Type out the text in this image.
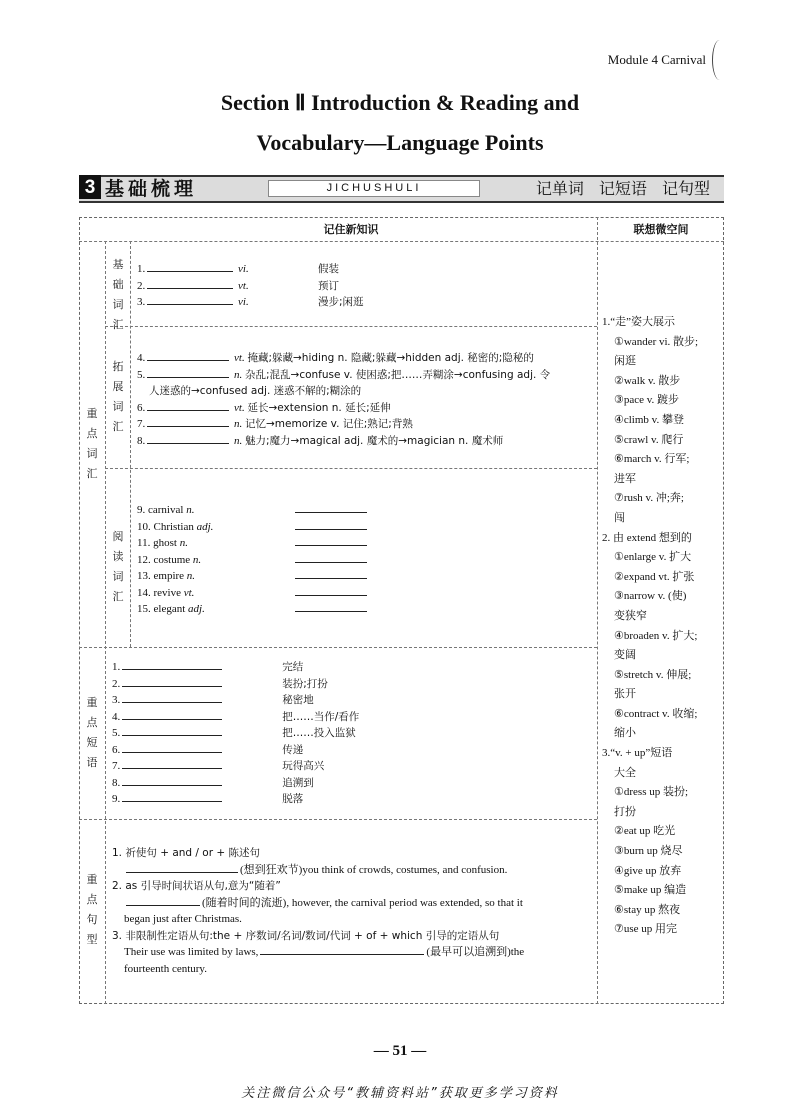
Module 4 Carnival
Section Ⅱ Introduction & Reading and
Vocabulary—Language Points
3 基础梳理	JICHUSHULI	记单词 记短语 记句型
记住新知识	联想微空间
重点词汇
基础词汇
拓展词汇
阅读词汇
重点短语
重点句型
1.	vi.	假装
2.	vt.	预订
3.	vi.	漫步;闲逛
4.	vt. 掩藏;躲藏→hiding n. 隐藏;躲藏→hidden adj. 秘密的;隐秘的
5.	n. 杂乱;混乱→confuse v. 使困惑;把……弄糊涂→confusing adj. 令
人迷惑的→confused adj. 迷惑不解的;糊涂的
6.	vt. 延长→extension n. 延长;延伸
7.	n. 记忆→memorize v. 记住;熟记;背熟
8.	n. 魅力;魔力→magical adj. 魔术的→magician n. 魔术师
9. carnival n.
10. Christian adj.
11. ghost n.
12. costume n.
13. empire n.
14. revive vt.
15. elegant adj.
1.	完结
2.	装扮;打扮
3.	秘密地
4.	把……当作/看作
5.	把……投入监狱
6.	传递
7.	玩得高兴
8.	追溯到
9.	脱落
1. 祈使句 + and / or + 陈述句
(想到狂欢节)you think of crowds, costumes, and confusion.
2. as 引导时间状语从句,意为“随着”
(随着时间的流逝), however, the carnival period was extended, so that it
began just after Christmas.
3. 非限制性定语从句:the + 序数词/名词/数词/代词 + of + which 引导的定语从句
Their use was limited by laws,	(最早可以追溯到)the
fourteenth century.
1.“走”姿大展示
①wander vi. 散步;
闲逛
②walk v. 散步
③pace v. 踱步
④climb v. 攀登
⑤crawl v. 爬行
⑥march v. 行军;
进军
⑦rush v. 冲;奔;
闯
2. 由 extend 想到的
①enlarge v. 扩大
②expand vt. 扩张
③narrow v. (使)
变狭窄
④broaden v. 扩大;
变阔
⑤stretch v. 伸展;
张开
⑥contract v. 收缩;
缩小
3.“v. + up”短语
大全
①dress up 装扮;
打扮
②eat up 吃光
③burn up 烧尽
④give up 放弃
⑤make up 编造
⑥stay up 熬夜
⑦use up 用完
— 51 —
关注微信公众号“教辅资料站”获取更多学习资料
